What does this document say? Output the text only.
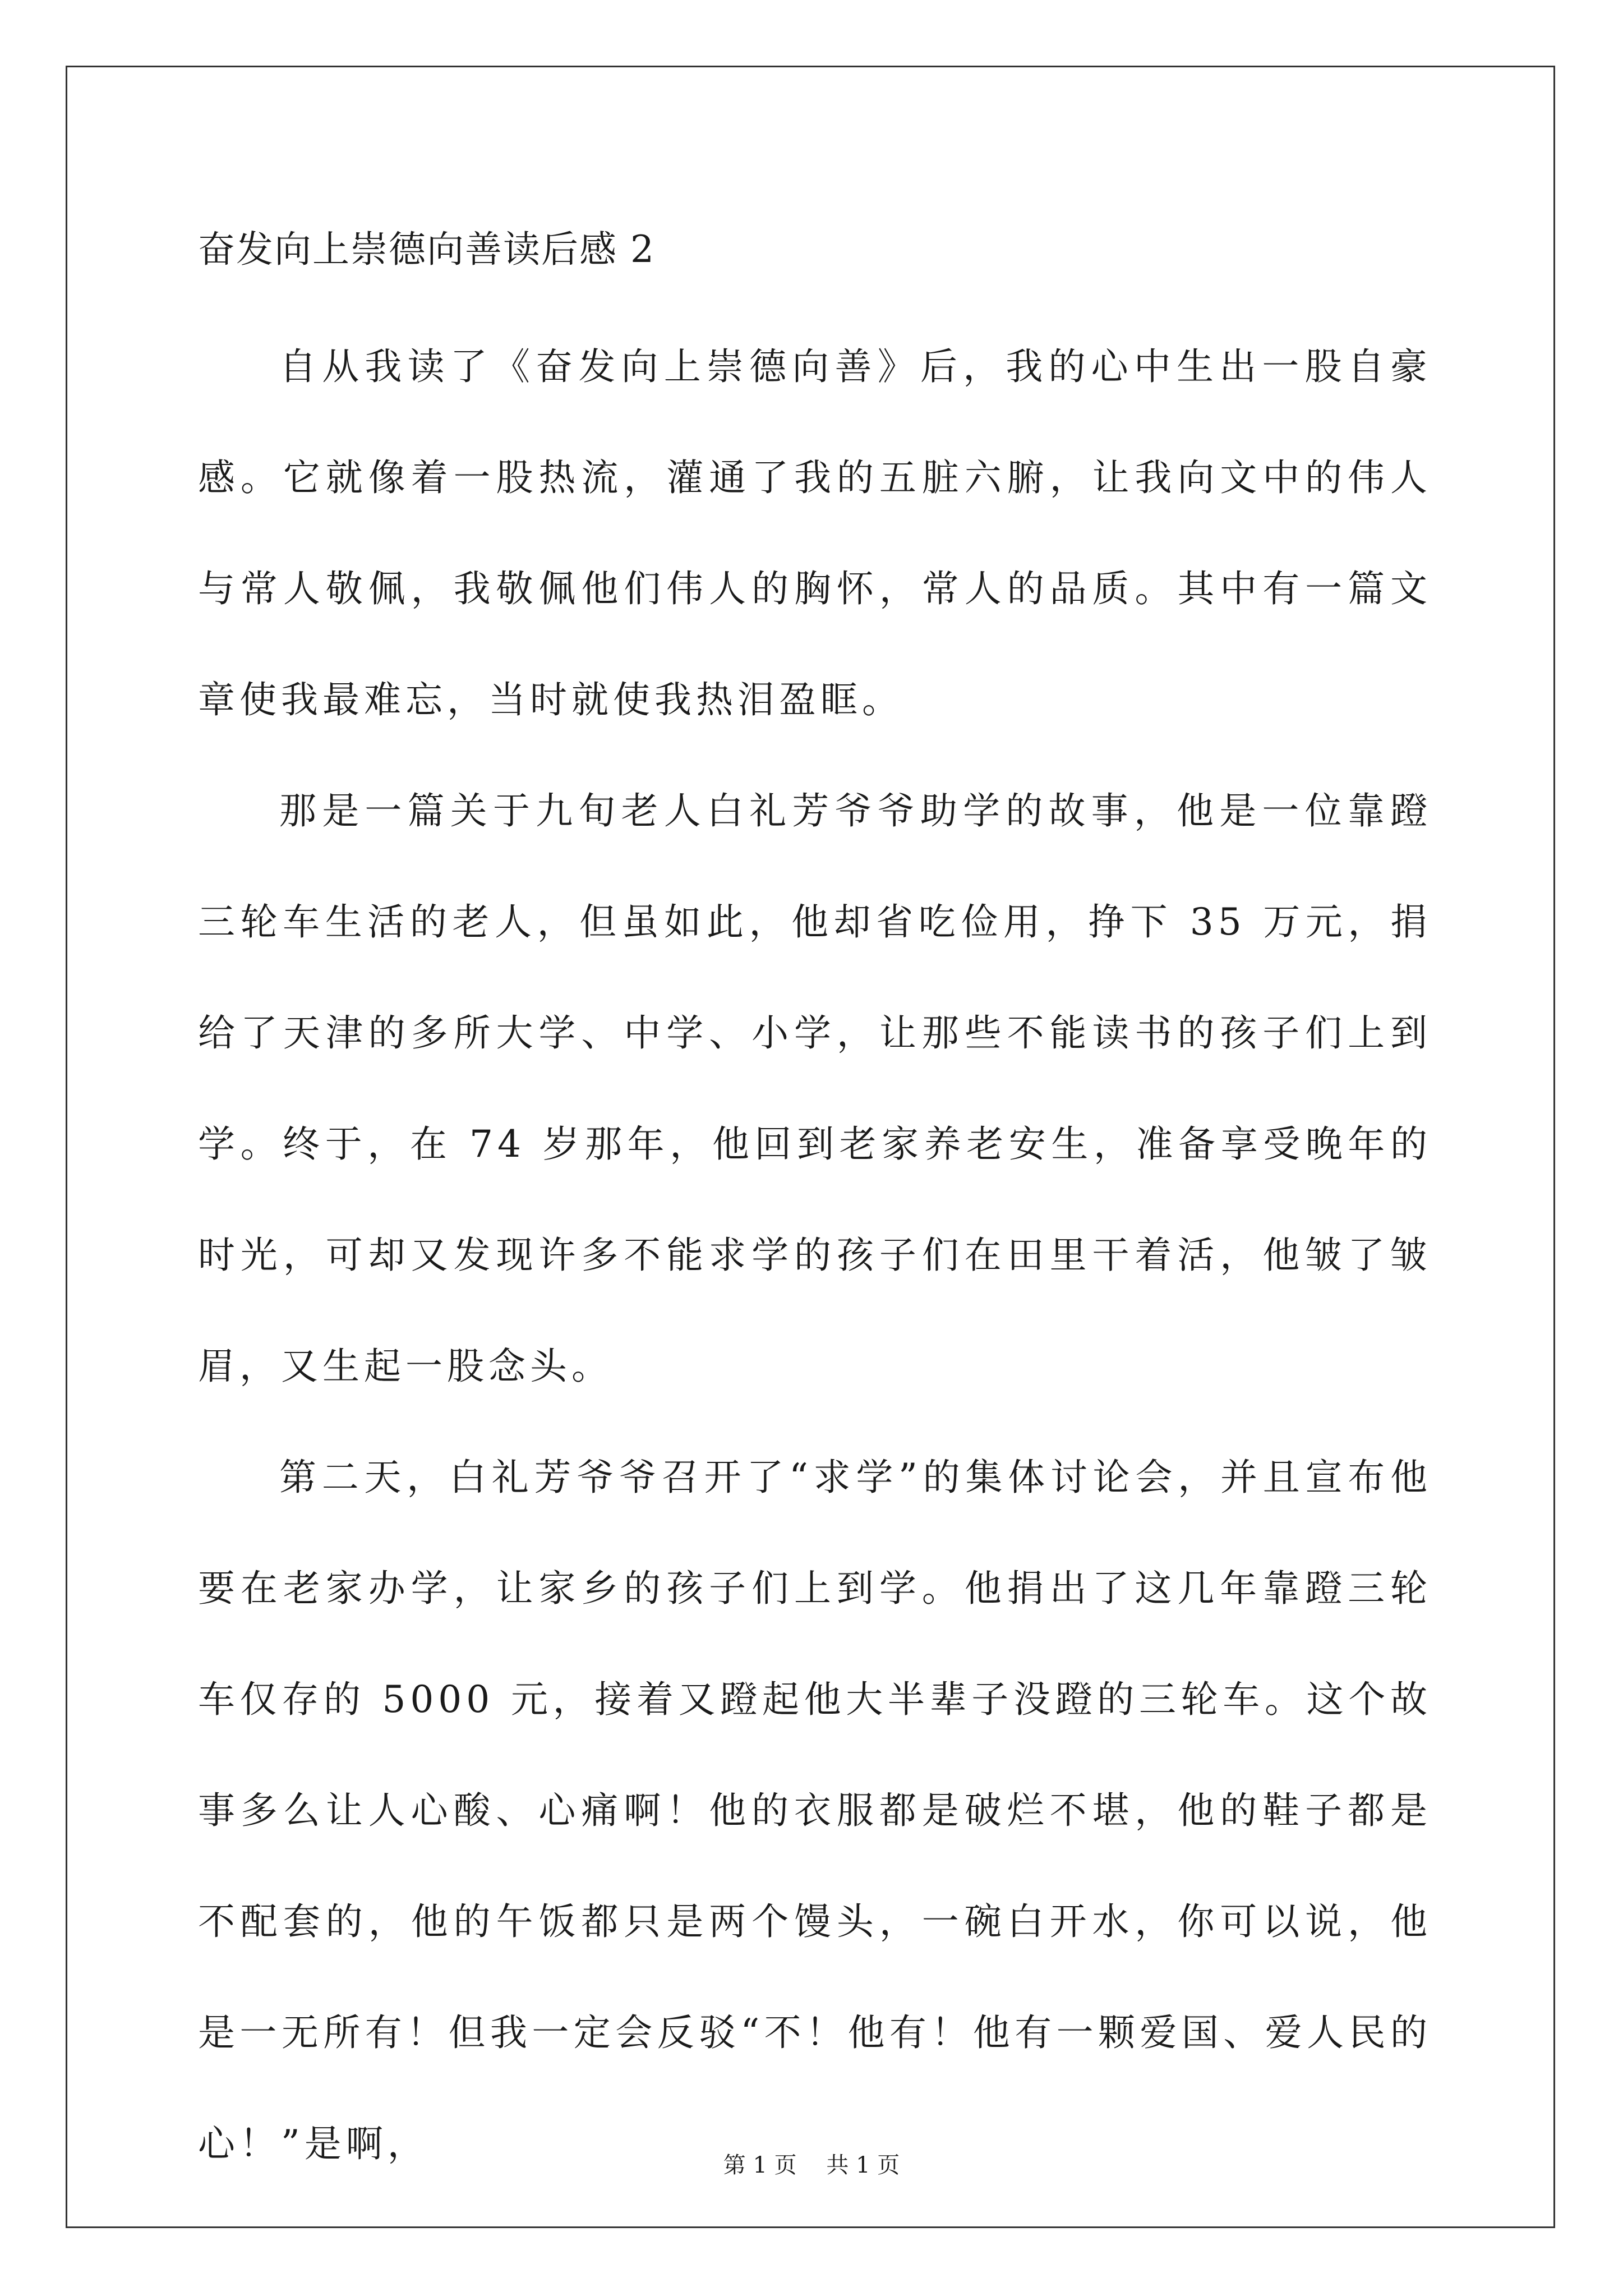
奋发向上崇德向善读后感 2

自从我读了《奋发向上崇德向善》后，我的心中生出一股自豪感。它就像着一股热流，灌通了我的五脏六腑，让我向文中的伟人与常人敬佩，我敬佩他们伟人的胸怀，常人的品质。其中有一篇文章使我最难忘，当时就使我热泪盈眶。

那是一篇关于九旬老人白礼芳爷爷助学的故事，他是一位靠蹬三轮车生活的老人，但虽如此，他却省吃俭用，挣下 35 万元，捐给了天津的多所大学、中学、小学，让那些不能读书的孩子们上到学。终于，在 74 岁那年，他回到老家养老安生，准备享受晚年的时光，可却又发现许多不能求学的孩子们在田里干着活，他皱了皱眉，又生起一股念头。

第二天，白礼芳爷爷召开了“求学”的集体讨论会，并且宣布他要在老家办学，让家乡的孩子们上到学。他捐出了这几年靠蹬三轮车仅存的 5000 元，接着又蹬起他大半辈子没蹬的三轮车。这个故事多么让人心酸、心痛啊！他的衣服都是破烂不堪，他的鞋子都是不配套的，他的午饭都只是两个馒头，一碗白开水，你可以说，他是一无所有！但我一定会反驳“不！他有！他有一颗爱国、爱人民的心！”是啊，	第 1 页 共 1 页
